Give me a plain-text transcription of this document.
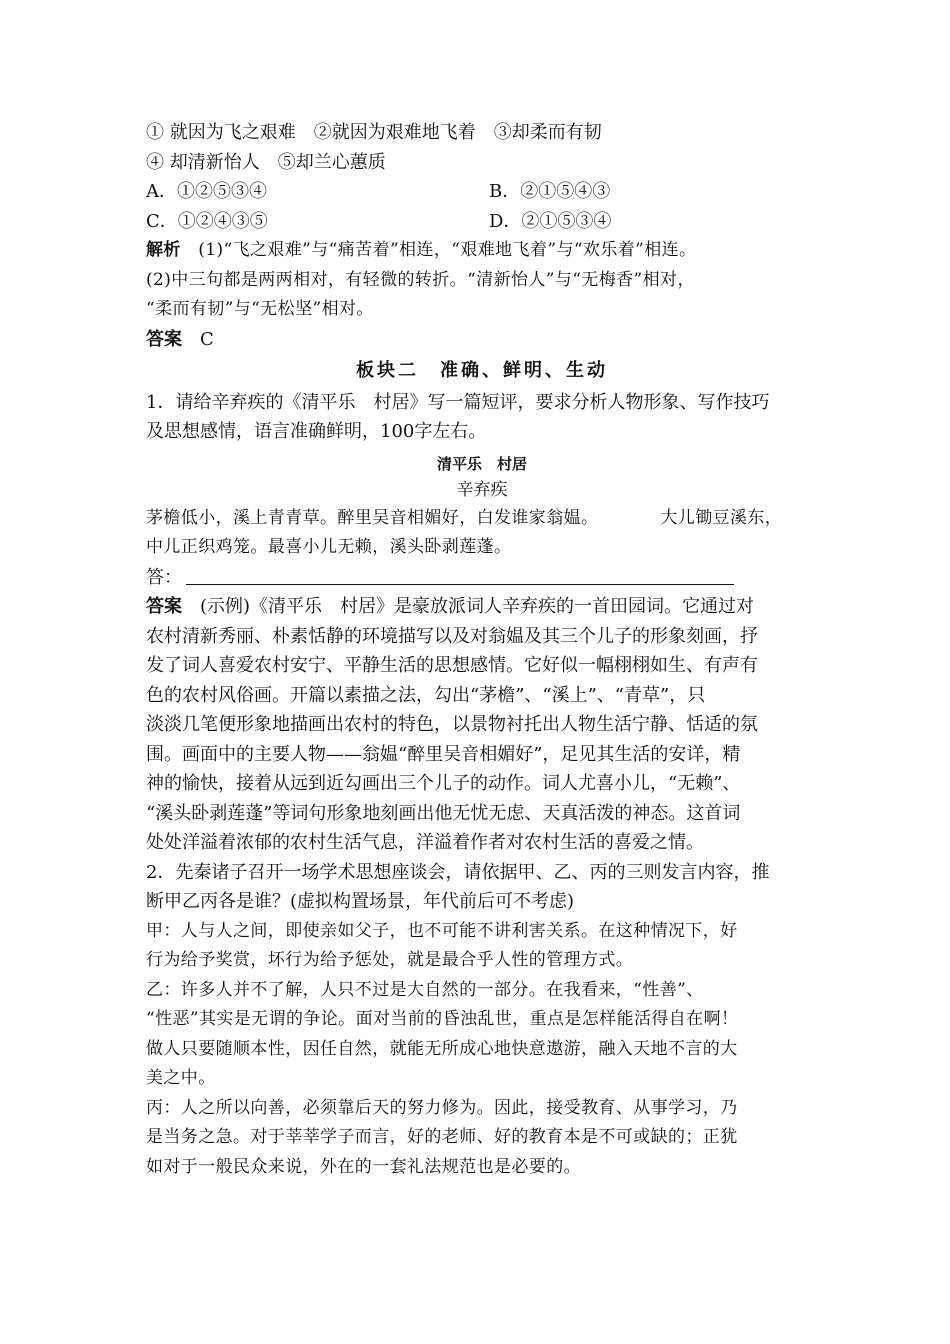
① 就因为飞之艰难　②就因为艰难地飞着　③却柔而有韧
④ 却清新怡人　⑤却兰心蕙质
A．①②⑤③④	B．②①⑤④③
C．①②④③⑤	D．②①⑤③④
解析　(1)“飞之艰难”与“痛苦着”相连，“艰难地飞着”与“欢乐着”相连。
(2)中三句都是两两相对，有轻微的转折。“清新怡人”与“无梅香”相对，
“柔而有韧”与“无松坚”相对。
答案　C
板块二　准确、鲜明、生动
1．请给辛弃疾的《清平乐　村居》写一篇短评，要求分析人物形象、写作技巧
及思想感情，语言准确鲜明，100字左右。
清平乐　村居
辛弃疾
茅檐低小，溪上青青草。醉里吴音相媚好，白发谁家翁媪。	大儿锄豆溪东，
中儿正织鸡笼。最喜小儿无赖，溪头卧剥莲蓬。
答：
答案　(示例)《清平乐　村居》是豪放派词人辛弃疾的一首田园词。它通过对
农村清新秀丽、朴素恬静的环境描写以及对翁媪及其三个儿子的形象刻画，抒
发了词人喜爱农村安宁、平静生活的思想感情。它好似一幅栩栩如生、有声有
色的农村风俗画。开篇以素描之法，勾出“茅檐”、“溪上”、“青草”，只
淡淡几笔便形象地描画出农村的特色，以景物衬托出人物生活宁静、恬适的氛
围。画面中的主要人物——翁媪“醉里吴音相媚好”，足见其生活的安详，精
神的愉快，接着从远到近勾画出三个儿子的动作。词人尤喜小儿，“无赖”、
“溪头卧剥莲蓬”等词句形象地刻画出他无忧无虑、天真活泼的神态。这首词
处处洋溢着浓郁的农村生活气息，洋溢着作者对农村生活的喜爱之情。
2．先秦诸子召开一场学术思想座谈会，请依据甲、乙、丙的三则发言内容，推
断甲乙丙各是谁？(虚拟构置场景，年代前后可不考虑)
甲：人与人之间，即使亲如父子，也不可能不讲利害关系。在这种情况下，好
行为给予奖赏，坏行为给予惩处，就是最合乎人性的管理方式。
乙：许多人并不了解，人只不过是大自然的一部分。在我看来，“性善”、
“性恶”其实是无谓的争论。面对当前的昏浊乱世，重点是怎样能活得自在啊！
做人只要随顺本性，因任自然，就能无所成心地快意遨游，融入天地不言的大
美之中。
丙：人之所以向善，必须靠后天的努力修为。因此，接受教育、从事学习，乃
是当务之急。对于莘莘学子而言，好的老师、好的教育本是不可或缺的；正犹
如对于一般民众来说，外在的一套礼法规范也是必要的。
